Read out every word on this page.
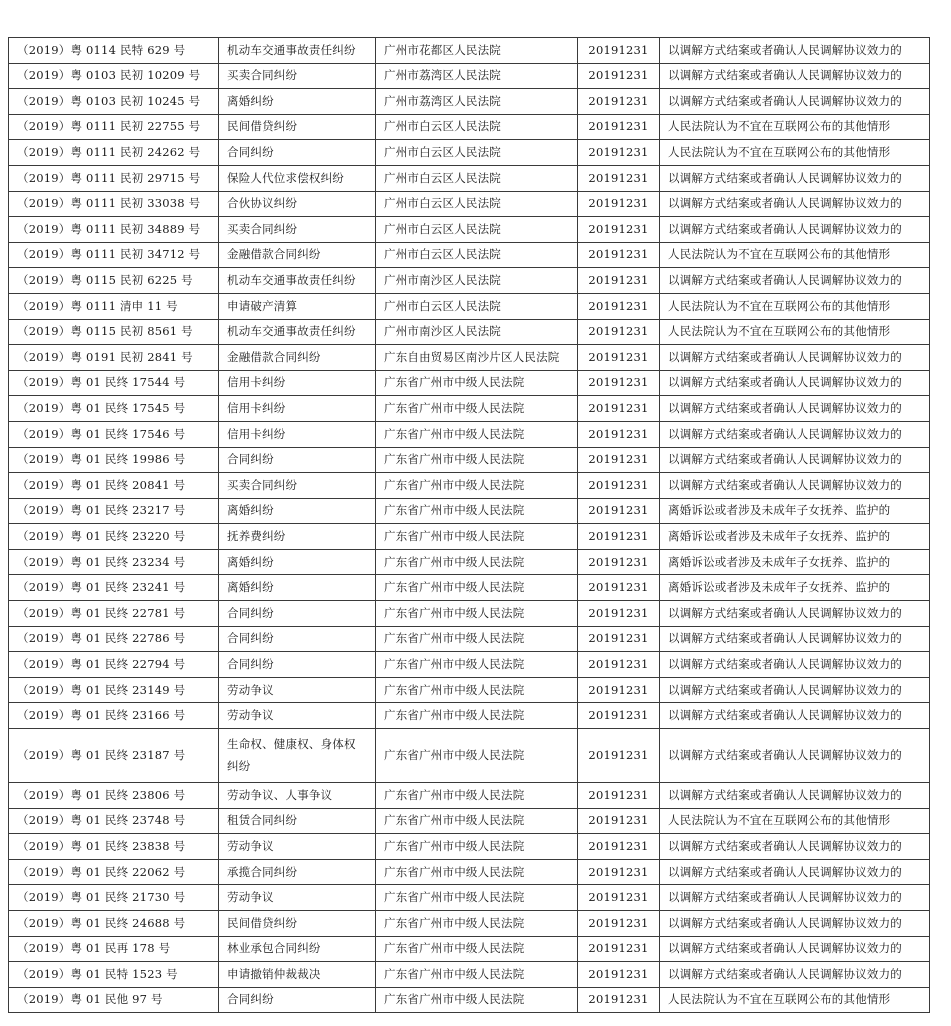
（2019）粤 0114 民特 629 号	机动车交通事故责任纠纷	广州市花都区人民法院	20191231	以调解方式结案或者确认人民调解协议效力的
（2019）粤 0103 民初 10209 号	买卖合同纠纷	广州市荔湾区人民法院	20191231	以调解方式结案或者确认人民调解协议效力的
（2019）粤 0103 民初 10245 号	离婚纠纷	广州市荔湾区人民法院	20191231	以调解方式结案或者确认人民调解协议效力的
（2019）粤 0111 民初 22755 号	民间借贷纠纷	广州市白云区人民法院	20191231	人民法院认为不宜在互联网公布的其他情形
（2019）粤 0111 民初 24262 号	合同纠纷	广州市白云区人民法院	20191231	人民法院认为不宜在互联网公布的其他情形
（2019）粤 0111 民初 29715 号	保险人代位求偿权纠纷	广州市白云区人民法院	20191231	以调解方式结案或者确认人民调解协议效力的
（2019）粤 0111 民初 33038 号	合伙协议纠纷	广州市白云区人民法院	20191231	以调解方式结案或者确认人民调解协议效力的
（2019）粤 0111 民初 34889 号	买卖合同纠纷	广州市白云区人民法院	20191231	以调解方式结案或者确认人民调解协议效力的
（2019）粤 0111 民初 34712 号	金融借款合同纠纷	广州市白云区人民法院	20191231	人民法院认为不宜在互联网公布的其他情形
（2019）粤 0115 民初 6225 号	机动车交通事故责任纠纷	广州市南沙区人民法院	20191231	以调解方式结案或者确认人民调解协议效力的
（2019）粤 0111 清申 11 号	申请破产清算	广州市白云区人民法院	20191231	人民法院认为不宜在互联网公布的其他情形
（2019）粤 0115 民初 8561 号	机动车交通事故责任纠纷	广州市南沙区人民法院	20191231	人民法院认为不宜在互联网公布的其他情形
（2019）粤 0191 民初 2841 号	金融借款合同纠纷	广东自由贸易区南沙片区人民法院	20191231	以调解方式结案或者确认人民调解协议效力的
（2019）粤 01 民终 17544 号	信用卡纠纷	广东省广州市中级人民法院	20191231	以调解方式结案或者确认人民调解协议效力的
（2019）粤 01 民终 17545 号	信用卡纠纷	广东省广州市中级人民法院	20191231	以调解方式结案或者确认人民调解协议效力的
（2019）粤 01 民终 17546 号	信用卡纠纷	广东省广州市中级人民法院	20191231	以调解方式结案或者确认人民调解协议效力的
（2019）粤 01 民终 19986 号	合同纠纷	广东省广州市中级人民法院	20191231	以调解方式结案或者确认人民调解协议效力的
（2019）粤 01 民终 20841 号	买卖合同纠纷	广东省广州市中级人民法院	20191231	以调解方式结案或者确认人民调解协议效力的
（2019）粤 01 民终 23217 号	离婚纠纷	广东省广州市中级人民法院	20191231	离婚诉讼或者涉及未成年子女抚养、监护的
（2019）粤 01 民终 23220 号	抚养费纠纷	广东省广州市中级人民法院	20191231	离婚诉讼或者涉及未成年子女抚养、监护的
（2019）粤 01 民终 23234 号	离婚纠纷	广东省广州市中级人民法院	20191231	离婚诉讼或者涉及未成年子女抚养、监护的
（2019）粤 01 民终 23241 号	离婚纠纷	广东省广州市中级人民法院	20191231	离婚诉讼或者涉及未成年子女抚养、监护的
（2019）粤 01 民终 22781 号	合同纠纷	广东省广州市中级人民法院	20191231	以调解方式结案或者确认人民调解协议效力的
（2019）粤 01 民终 22786 号	合同纠纷	广东省广州市中级人民法院	20191231	以调解方式结案或者确认人民调解协议效力的
（2019）粤 01 民终 22794 号	合同纠纷	广东省广州市中级人民法院	20191231	以调解方式结案或者确认人民调解协议效力的
（2019）粤 01 民终 23149 号	劳动争议	广东省广州市中级人民法院	20191231	以调解方式结案或者确认人民调解协议效力的
（2019）粤 01 民终 23166 号	劳动争议	广东省广州市中级人民法院	20191231	以调解方式结案或者确认人民调解协议效力的
（2019）粤 01 民终 23187 号	生命权、健康权、身体权纠纷	广东省广州市中级人民法院	20191231	以调解方式结案或者确认人民调解协议效力的
（2019）粤 01 民终 23806 号	劳动争议、人事争议	广东省广州市中级人民法院	20191231	以调解方式结案或者确认人民调解协议效力的
（2019）粤 01 民终 23748 号	租赁合同纠纷	广东省广州市中级人民法院	20191231	人民法院认为不宜在互联网公布的其他情形
（2019）粤 01 民终 23838 号	劳动争议	广东省广州市中级人民法院	20191231	以调解方式结案或者确认人民调解协议效力的
（2019）粤 01 民终 22062 号	承揽合同纠纷	广东省广州市中级人民法院	20191231	以调解方式结案或者确认人民调解协议效力的
（2019）粤 01 民终 21730 号	劳动争议	广东省广州市中级人民法院	20191231	以调解方式结案或者确认人民调解协议效力的
（2019）粤 01 民终 24688 号	民间借贷纠纷	广东省广州市中级人民法院	20191231	以调解方式结案或者确认人民调解协议效力的
（2019）粤 01 民再 178 号	林业承包合同纠纷	广东省广州市中级人民法院	20191231	以调解方式结案或者确认人民调解协议效力的
（2019）粤 01 民特 1523 号	申请撤销仲裁裁决	广东省广州市中级人民法院	20191231	以调解方式结案或者确认人民调解协议效力的
（2019）粤 01 民他 97 号	合同纠纷	广东省广州市中级人民法院	20191231	人民法院认为不宜在互联网公布的其他情形
